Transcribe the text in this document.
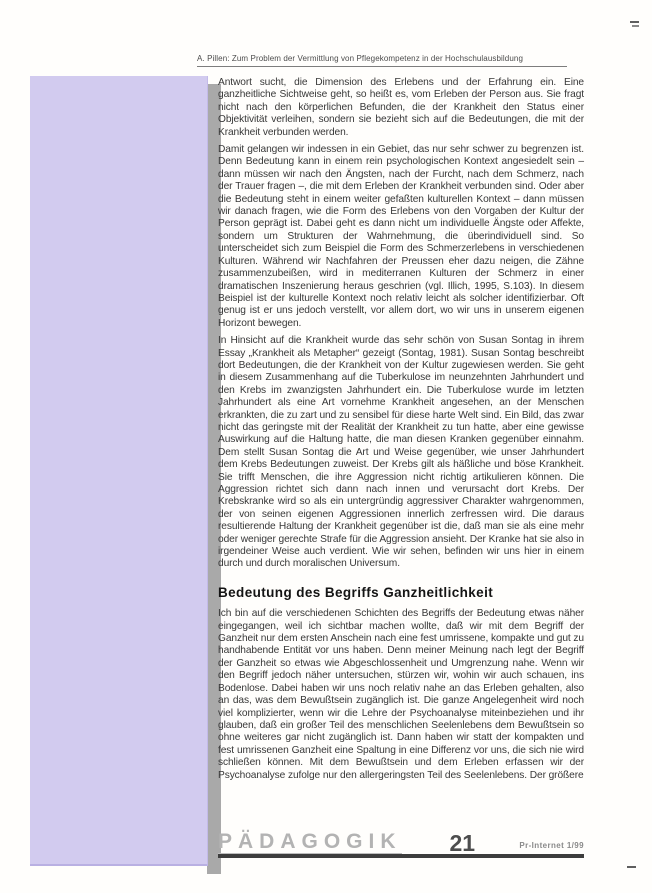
A. Pillen: Zum Problem der Vermittlung von Pflegekompetenz in der Hochschulausbildung

Antwort sucht, die Dimension des Erlebens und der Erfahrung ein. Eine ganzheitliche Sichtweise geht, so heißt es, vom Erleben der Person aus. Sie fragt nicht nach den körperlichen Befunden, die der Krankheit den Status einer Objektivität verleihen, sondern sie bezieht sich auf die Bedeutungen, die mit der Krankheit verbunden werden.

Damit gelangen wir indessen in ein Gebiet, das nur sehr schwer zu begrenzen ist. Denn Bedeutung kann in einem rein psychologischen Kontext angesiedelt sein – dann müssen wir nach den Ängsten, nach der Furcht, nach dem Schmerz, nach der Trauer fragen –, die mit dem Erleben der Krankheit verbunden sind. Oder aber die Bedeutung steht in einem weiter gefaßten kulturellen Kontext – dann müssen wir danach fragen, wie die Form des Erlebens von den Vorgaben der Kultur der Person geprägt ist. Dabei geht es dann nicht um individuelle Ängste oder Affekte, sondern um Strukturen der Wahrnehmung, die überindividuell sind. So unterscheidet sich zum Beispiel die Form des Schmerzerlebens in verschiedenen Kulturen. Während wir Nachfahren der Preussen eher dazu neigen, die Zähne zusammenzubeißen, wird in mediterranen Kulturen der Schmerz in einer dramatischen Inszenierung heraus geschrien (vgl. Illich, 1995, S.103). In diesem Beispiel ist der kulturelle Kontext noch relativ leicht als solcher identifizierbar. Oft genug ist er uns jedoch verstellt, vor allem dort, wo wir uns in unserem eigenen Horizont bewegen.

In Hinsicht auf die Krankheit wurde das sehr schön von Susan Sontag in ihrem Essay „Krankheit als Metapher“ gezeigt (Sontag, 1981). Susan Sontag beschreibt dort Bedeutungen, die der Krankheit von der Kultur zugewiesen werden. Sie geht in diesem Zusammenhang auf die Tuberkulose im neunzehnten Jahrhundert und den Krebs im zwanzigsten Jahrhundert ein. Die Tuberkulose wurde im letzten Jahrhundert als eine Art vornehme Krankheit angesehen, an der Menschen erkrankten, die zu zart und zu sensibel für diese harte Welt sind. Ein Bild, das zwar nicht das geringste mit der Realität der Krankheit zu tun hatte, aber eine gewisse Auswirkung auf die Haltung hatte, die man diesen Kranken gegenüber einnahm. Dem stellt Susan Sontag die Art und Weise gegenüber, wie unser Jahrhundert dem Krebs Bedeutungen zuweist. Der Krebs gilt als häßliche und böse Krankheit. Sie trifft Menschen, die ihre Aggression nicht richtig artikulieren können. Die Aggression richtet sich dann nach innen und verursacht dort Krebs. Der Krebskranke wird so als ein untergründig aggressiver Charakter wahrgenommen, der von seinen eigenen Aggressionen innerlich zerfressen wird. Die daraus resultierende Haltung der Krankheit gegenüber ist die, daß man sie als eine mehr oder weniger gerechte Strafe für die Aggression ansieht. Der Kranke hat sie also in irgendeiner Weise auch verdient. Wie wir sehen, befinden wir uns hier in einem durch und durch moralischen Universum.

Bedeutung des Begriffs Ganzheitlichkeit

Ich bin auf die verschiedenen Schichten des Begriffs der Bedeutung etwas näher eingegangen, weil ich sichtbar machen wollte, daß wir mit dem Begriff der Ganzheit nur dem ersten Anschein nach eine fest umrissene, kompakte und gut zu handhabende Entität vor uns haben. Denn meiner Meinung nach legt der Begriff der Ganzheit so etwas wie Abgeschlossenheit und Umgrenzung nahe. Wenn wir den Begriff jedoch näher untersuchen, stürzen wir, wohin wir auch schauen, ins Bodenlose. Dabei haben wir uns noch relativ nahe an das Erleben gehalten, also an das, was dem Bewußtsein zugänglich ist. Die ganze Angelegenheit wird noch viel komplizierter, wenn wir die Lehre der Psychoanalyse miteinbeziehen und ihr glauben, daß ein großer Teil des menschlichen Seelenlebens dem Bewußtsein so ohne weiteres gar nicht zugänglich ist. Dann haben wir statt der kompakten und fest umrissenen Ganzheit eine Spaltung in eine Differenz vor uns, die sich nie wird schließen können. Mit dem Bewußtsein und dem Erleben erfassen wir der Psychoanalyse zufolge nur den allergeringsten Teil des Seelenlebens. Der größere

PÄDAGOGIK 21	Pr-Internet 1/99
